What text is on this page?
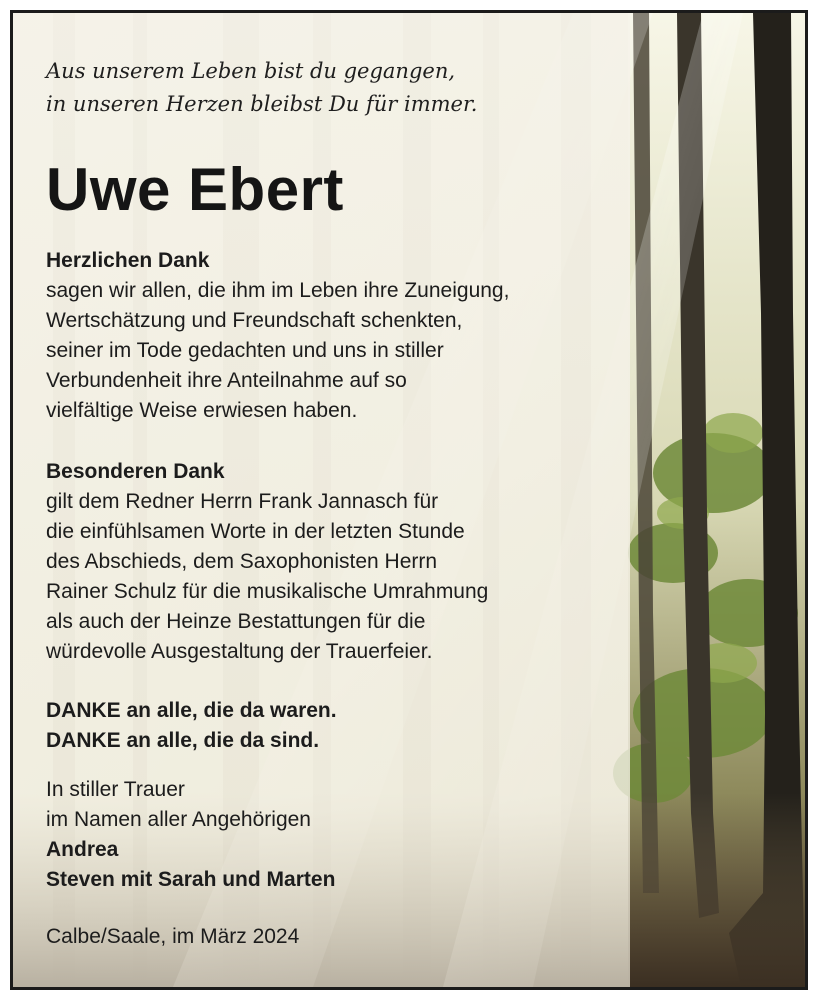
Aus unserem Leben bist du gegangen,
in unseren Herzen bleibst Du für immer.
Uwe Ebert

Herzlichen Dank

sagen wir allen, die ihm im Leben ihre Zuneigung,

Wertschätzung und Freundschaft schenkten,

seiner im Tode gedachten und uns in stiller

Verbundenheit ihre Anteilnahme auf so

vielfältige Weise erwiesen haben.

Besonderen Dank

gilt dem Redner Herrn Frank Jannasch für

die einfühlsamen Worte in der letzten Stunde

des Abschieds, dem Saxophonisten Herrn

Rainer Schulz für die musikalische Umrahmung

als auch der Heinze Bestattungen für die

würdevolle Ausgestaltung der Trauerfeier.

DANKE an alle, die da waren.

DANKE an alle, die da sind.

In stiller Trauer

im Namen aller Angehörigen

Andrea

Steven mit Sarah und Marten

Calbe/Saale, im März 2024
